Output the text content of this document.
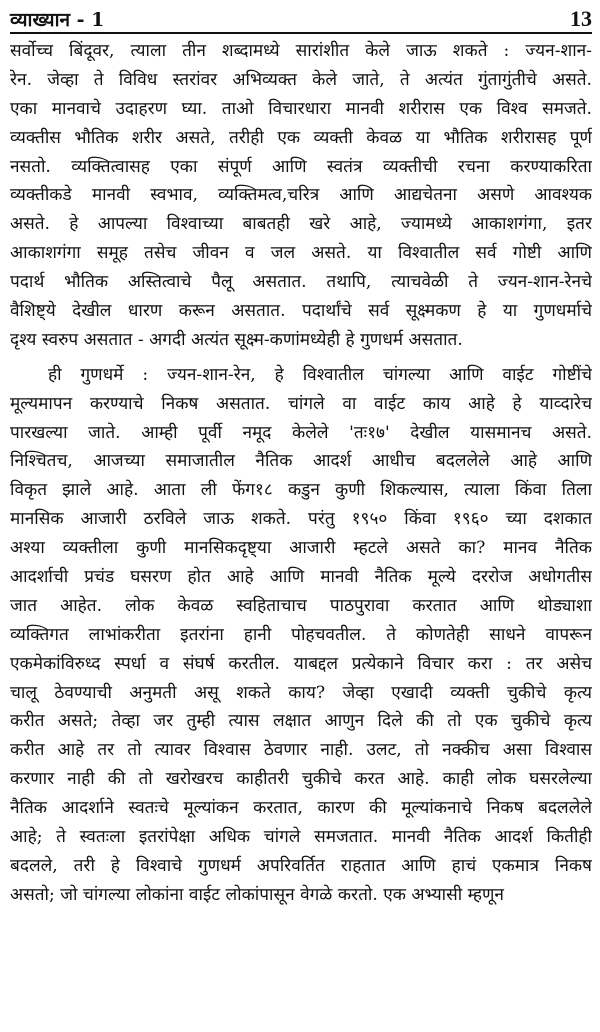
व्याख्यान - 1	13
सर्वोच्च बिंदूवर, त्याला तीन शब्दामध्ये सारांशीत केले जाऊ शकते : ज्यन-शान-
रेन. जेव्हा ते विविध स्तरांवर अभिव्यक्त केले जाते, ते अत्यंत गुंतागुंतीचे असते.
एका मानवाचे उदाहरण घ्या. ताओ विचारधारा मानवी शरीरास एक विश्व समजते.
व्यक्तीस भौतिक शरीर असते, तरीही एक व्यक्ती केवळ या भौतिक शरीरासह पूर्ण
नसतो. व्यक्तित्वासह एका संपूर्ण आणि स्वतंत्र व्यक्तीची रचना करण्याकरिता
व्यक्तीकडे मानवी स्वभाव, व्यक्तिमत्व,चरित्र आणि आद्यचेतना असणे आवश्यक
असते. हे आपल्या विश्वाच्या बाबतही खरे आहे, ज्यामध्ये आकाशगंगा, इतर
आकाशगंगा समूह तसेच जीवन व जल असते. या विश्वातील सर्व गोष्टी आणि
पदार्थ भौतिक अस्तित्वाचे पैलू असतात. तथापि, त्याचवेळी ते ज्यन-शान-रेनचे
वैशिष्ट्ये देखील धारण करून असतात. पदार्थांचे सर्व सूक्ष्मकण हे या गुणधर्माचे
दृश्य स्वरुप असतात - अगदी अत्यंत सूक्ष्म-कणांमध्येही हे गुणधर्म असतात.
ही गुणधर्मे : ज्यन-शान-रेन, हे विश्वातील चांगल्या आणि वाईट गोष्टींचे
मूल्यमापन करण्याचे निकष असतात. चांगले वा वाईट काय आहे हे याव्दारेच
पारखल्या जाते. आम्ही पूर्वी नमूद केलेले 'तः१७' देखील यासमानच असते.
निश्चितच, आजच्या समाजातील नैतिक आदर्श आधीच बदललेले आहे आणि
विकृत झाले आहे. आता ली फेंग१८ कडुन कुणी शिकल्यास, त्याला किंवा तिला
मानसिक आजारी ठरविले जाऊ शकते. परंतु १९५० किंवा १९६० च्या दशकात
अश्या व्यक्तीला कुणी मानसिकदृष्ट्या आजारी म्हटले असते का? मानव नैतिक
आदर्शाची प्रचंड घसरण होत आहे आणि मानवी नैतिक मूल्ये दररोज अधोगतीस
जात आहेत. लोक केवळ स्वहिताचाच पाठपुरावा करतात आणि थोड्याशा
व्यक्तिगत लाभांकरीता इतरांना हानी पोहचवतील. ते कोणतेही साधने वापरून
एकमेकांविरुध्द स्पर्धा व संघर्ष करतील. याबद्दल प्रत्येकाने विचार करा : तर असेच
चालू ठेवण्याची अनुमती असू शकते काय? जेव्हा एखादी व्यक्ती चुकीचे कृत्य
करीत असते; तेव्हा जर तुम्ही त्यास लक्षात आणुन दिले की तो एक चुकीचे कृत्य
करीत आहे तर तो त्यावर विश्वास ठेवणार नाही. उलट, तो नक्कीच असा विश्वास
करणार नाही की तो खरोखरच काहीतरी चुकीचे करत आहे. काही लोक घसरलेल्या
नैतिक आदर्शाने स्वतःचे मूल्यांकन करतात, कारण की मूल्यांकनाचे निकष बदललेले
आहे; ते स्वतःला इतरांपेक्षा अधिक चांगले समजतात. मानवी नैतिक आदर्श कितीही
बदलले, तरी हे विश्वाचे गुणधर्म अपरिवर्तित राहतात आणि हाचं एकमात्र निकष
असतो; जो चांगल्या लोकांना वाईट लोकांपासून वेगळे करतो. एक अभ्यासी म्हणून
